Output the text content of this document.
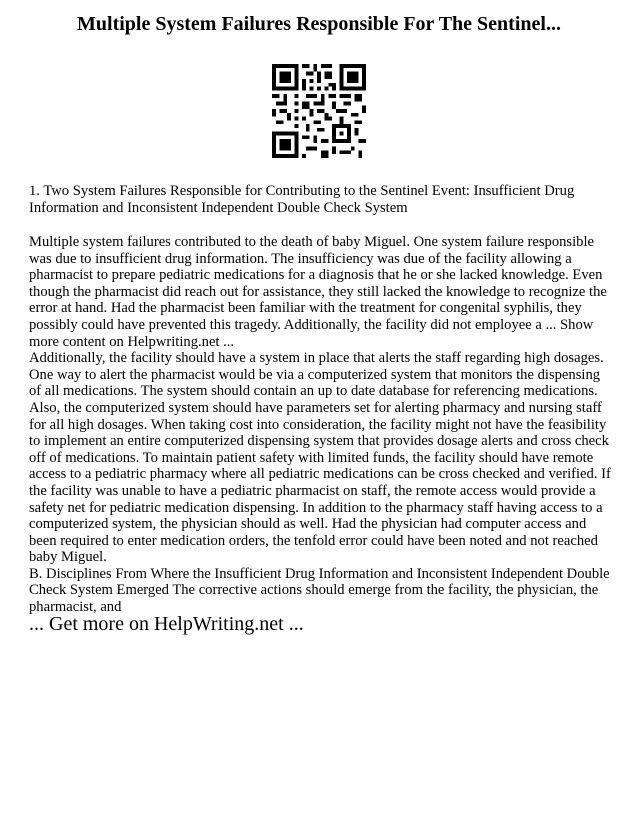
Multiple System Failures Responsible For The Sentinel...
1. Two System Failures Responsible for Contributing to the Sentinel Event: Insufficient Drug Information and Inconsistent Independent Double Check System

Multiple system failures contributed to the death of baby Miguel. One system failure responsible was due to insufficient drug information. The insufficiency was due of the facility allowing a pharmacist to prepare pediatric medications for a diagnosis that he or she lacked knowledge. Even though the pharmacist did reach out for assistance, they still lacked the knowledge to recognize the error at hand. Had the pharmacist been familiar with the treatment for congenital syphilis, they possibly could have prevented this tragedy. Additionally, the facility did not employee a ... Show more content on Helpwriting.net ...

Additionally, the facility should have a system in place that alerts the staff regarding high dosages. One way to alert the pharmacist would be via a computerized system that monitors the dispensing of all medications. The system should contain an up to date database for referencing medications. Also, the computerized system should have parameters set for alerting pharmacy and nursing staff for all high dosages. When taking cost into consideration, the facility might not have the feasibility to implement an entire computerized dispensing system that provides dosage alerts and cross check off of medications. To maintain patient safety with limited funds, the facility should have remote access to a pediatric pharmacy where all pediatric medications can be cross checked and verified. If the facility was unable to have a pediatric pharmacist on staff, the remote access would provide a safety net for pediatric medication dispensing. In addition to the pharmacy staff having access to a computerized system, the physician should as well. Had the physician had computer access and been required to enter medication orders, the tenfold error could have been noted and not reached baby Miguel.

B. Disciplines From Where the Insufficient Drug Information and Inconsistent Independent Double Check System Emerged The corrective actions should emerge from the facility, the physician, the pharmacist, and

... Get more on HelpWriting.net ...
